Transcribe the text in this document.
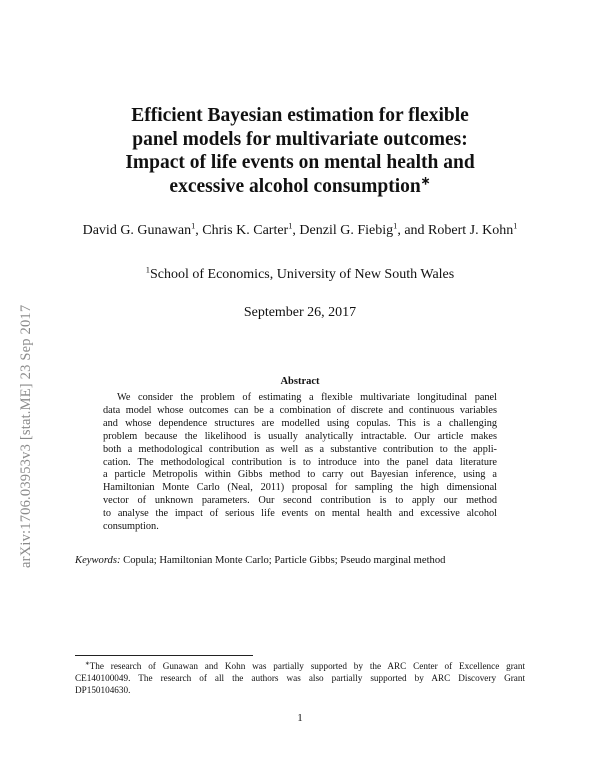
arXiv:1706.03953v3 [stat.ME] 23 Sep 2017
Efficient Bayesian estimation for flexible
panel models for multivariate outcomes:
Impact of life events on mental health and
excessive alcohol consumption∗
David G. Gunawan$^1$, Chris K. Carter$^1$, Denzil G. Fiebig$^1$, and Robert J. Kohn$^1$
$^1$School of Economics, University of New South Wales
September 26, 2017
Abstract
We consider the problem of estimating a flexible multivariate longitudinal panel
data model whose outcomes can be a combination of discrete and continuous variables
and whose dependence structures are modelled using copulas. This is a challenging
problem because the likelihood is usually analytically intractable. Our article makes
both a methodological contribution as well as a substantive contribution to the appli-
cation. The methodological contribution is to introduce into the panel data literature
a particle Metropolis within Gibbs method to carry out Bayesian inference, using a
Hamiltonian Monte Carlo (Neal, 2011) proposal for sampling the high dimensional
vector of unknown parameters. Our second contribution is to apply our method
to analyse the impact of serious life events on mental health and excessive alcohol
consumption.
Keywords: Copula; Hamiltonian Monte Carlo; Particle Gibbs; Pseudo marginal method
∗The research of Gunawan and Kohn was partially supported by the ARC Center of Excellence grant
CE140100049. The research of all the authors was also partially supported by ARC Discovery Grant
DP150104630.
1
